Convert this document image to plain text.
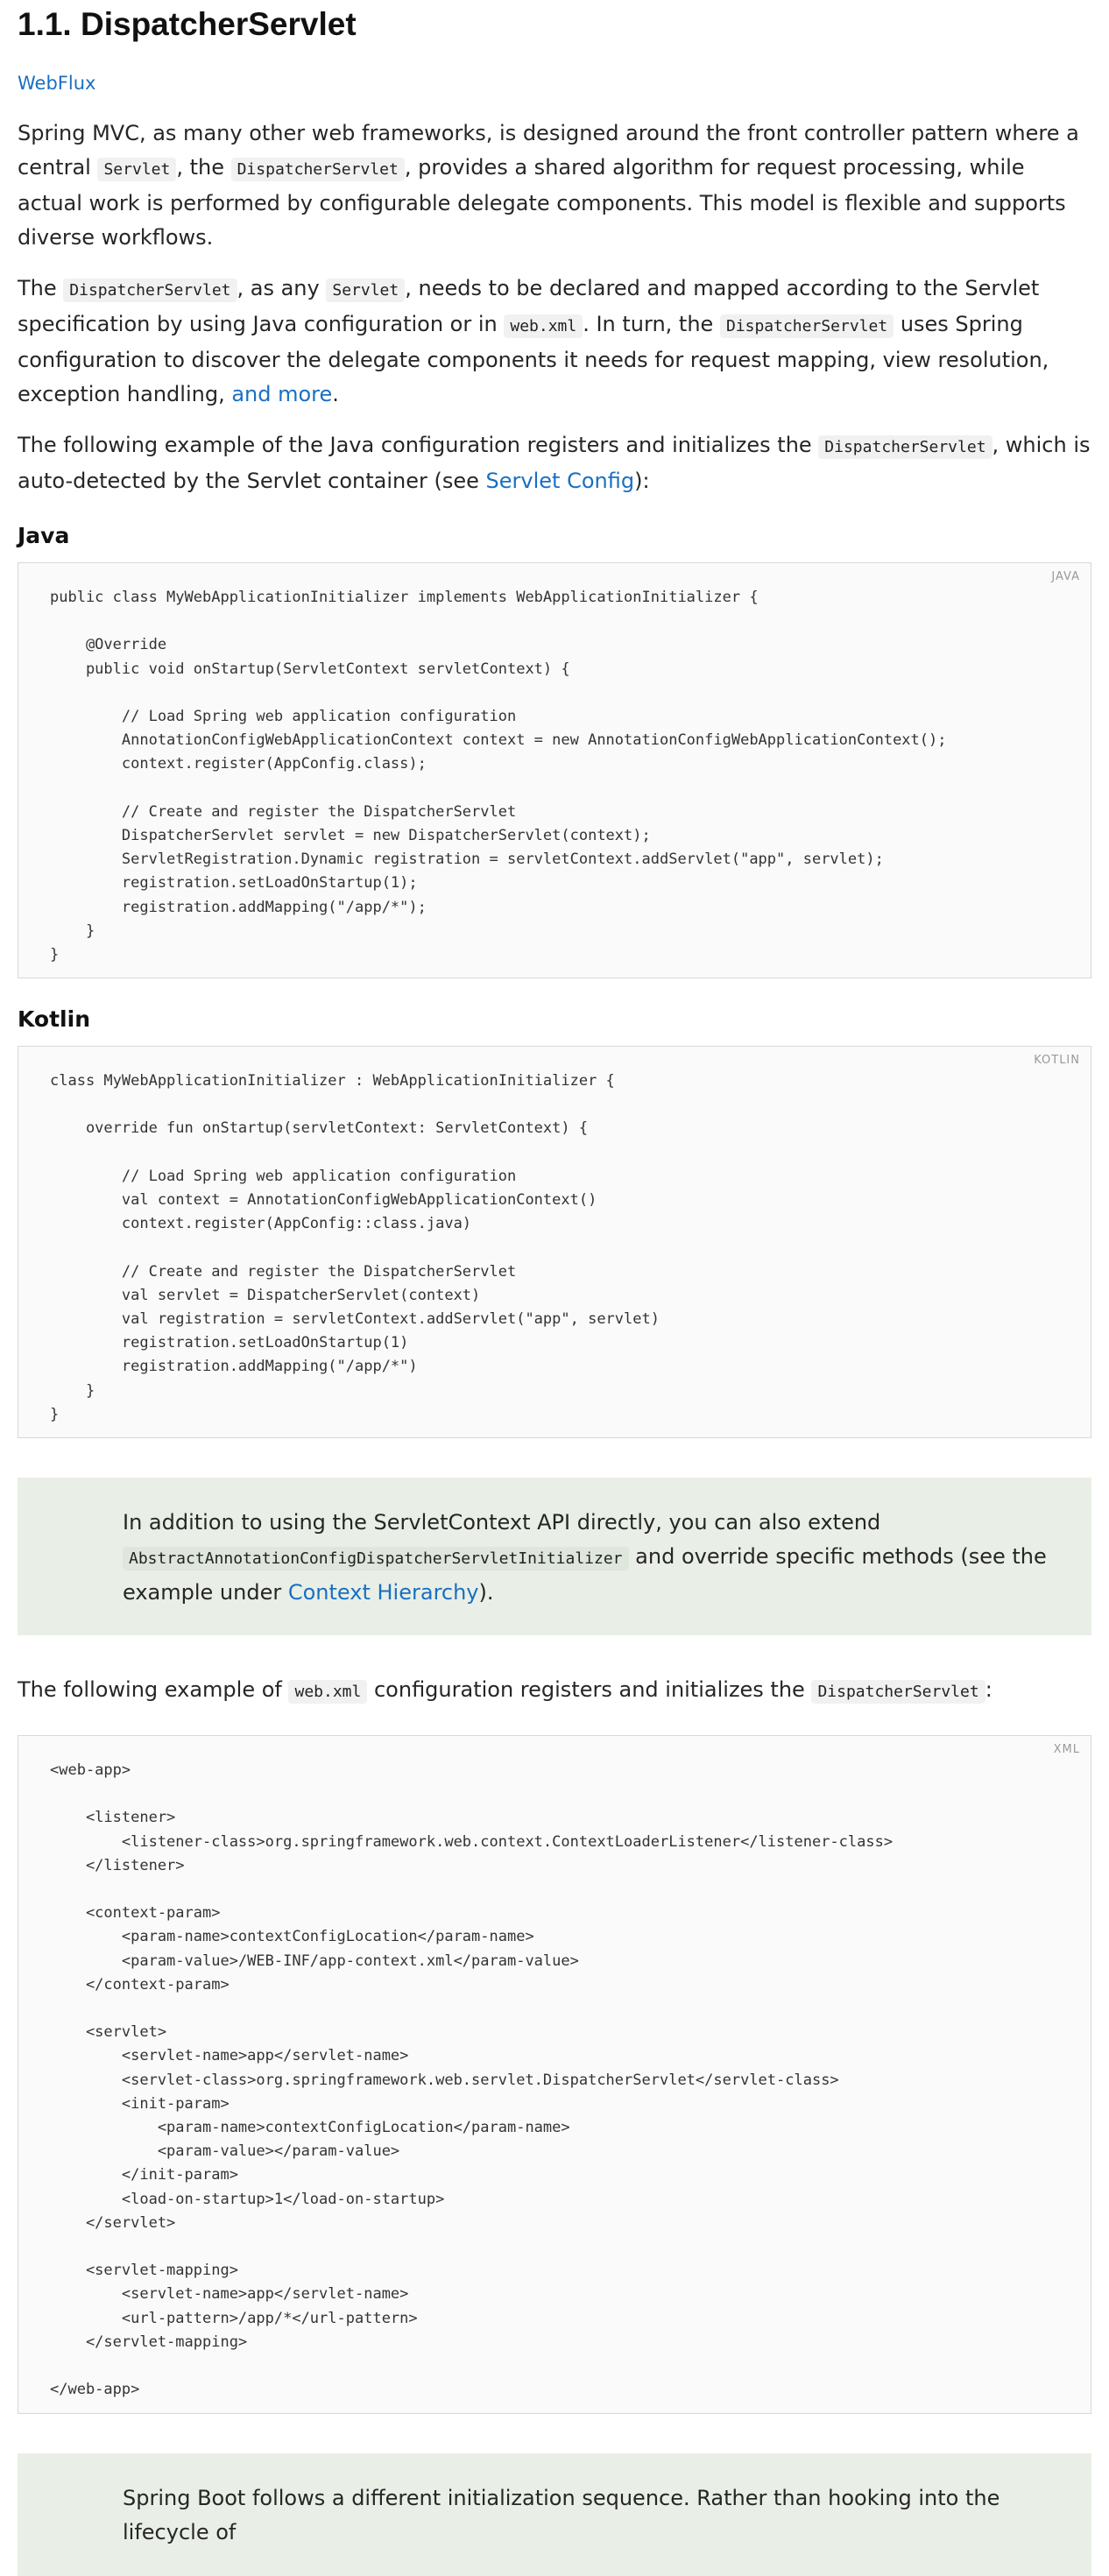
1.1. DispatcherServlet
WebFlux

Spring MVC, as many other web frameworks, is designed around the front controller pattern where a central Servlet , the DispatcherServlet , provides a shared algorithm for request processing, while actual work is performed by configurable delegate components. This model is flexible and supports diverse workflows.

The DispatcherServlet , as any Servlet , needs to be declared and mapped according to the Servlet specification by using Java configuration or in web.xml . In turn, the DispatcherServlet uses Spring configuration to discover the delegate components it needs for request mapping, view resolution, exception handling, and more.

The following example of the Java configuration registers and initializes the DispatcherServlet , which is auto-detected by the Servlet container (see Servlet Config):

Java
JAVA
public class MyWebApplicationInitializer implements WebApplicationInitializer {

@Override
public void onStartup(ServletContext servletContext) {

// Load Spring web application configuration
AnnotationConfigWebApplicationContext context = new AnnotationConfigWebApplicationContext();
context.register(AppConfig.class);

// Create and register the DispatcherServlet
DispatcherServlet servlet = new DispatcherServlet(context);
ServletRegistration.Dynamic registration = servletContext.addServlet("app", servlet);
registration.setLoadOnStartup(1);
registration.addMapping("/app/*");
}
}
Kotlin
KOTLIN
class MyWebApplicationInitializer : WebApplicationInitializer {

override fun onStartup(servletContext: ServletContext) {

// Load Spring web application configuration
val context = AnnotationConfigWebApplicationContext()
context.register(AppConfig::class.java)

// Create and register the DispatcherServlet
val servlet = DispatcherServlet(context)
val registration = servletContext.addServlet("app", servlet)
registration.setLoadOnStartup(1)
registration.addMapping("/app/*")
}
}

In addition to using the ServletContext API directly, you can also extend AbstractAnnotationConfigDispatcherServletInitializer and override specific methods (see the example under Context Hierarchy).

The following example of web.xml configuration registers and initializes the DispatcherServlet :

XML
<web-app>

<listener>
<listener-class>org.springframework.web.context.ContextLoaderListener</listener-class>
</listener>

<context-param>
<param-name>contextConfigLocation</param-name>
<param-value>/WEB-INF/app-context.xml</param-value>
</context-param>

<servlet>
<servlet-name>app</servlet-name>
<servlet-class>org.springframework.web.servlet.DispatcherServlet</servlet-class>
<init-param>
<param-name>contextConfigLocation</param-name>
<param-value></param-value>
</init-param>
<load-on-startup>1</load-on-startup>
</servlet>

<servlet-mapping>
<servlet-name>app</servlet-name>
<url-pattern>/app/*</url-pattern>
</servlet-mapping>

</web-app>

Spring Boot follows a different initialization sequence. Rather than hooking into the lifecycle of
